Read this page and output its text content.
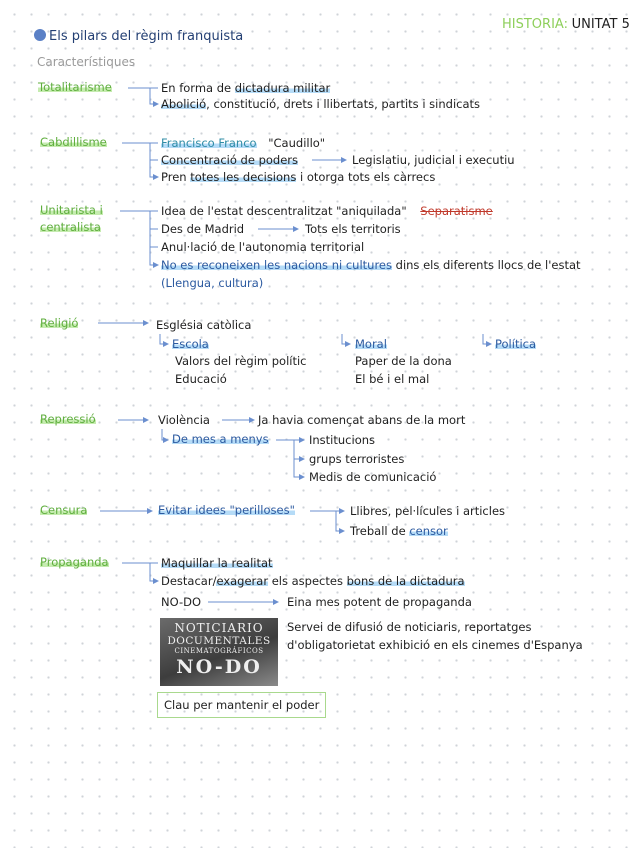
Els pilars del règim franquista
HISTORIA: UNITAT 5
Característiques
Totalitarisme	En forma de dictadura militar
Abolició, constitució, drets i llibertats, partits i sindicats
Cabdillisme	Francisco Franco "Caudillo"
Concentració de poders	Legislatiu, judicial i executiu
Pren totes les decisions i otorga tots els càrrecs
Unitarista i
centralista
Idea de l'estat descentralitzat "aniquilada" Separatisme
Des de Madrid	Tots els territoris
Anul·lació de l'autonomia territorial
No es reconeixen les nacions ni cultures dins els diferents llocs de l'estat
(Llengua, cultura)
Religió	Església catòlica
Escola
Valors del règim polític
Educació
Moral
Paper de la dona
El bé i el mal
Política
Repressió	Violència	Ja havia començat abans de la mort
De mes a menys	Institucions
grups terroristes
Medis de comunicació
Censura	Evitar idees "perilloses"	Llibres, pel·lícules i articles
Treball de censor
Propaganda	Maquillar la realitat
Destacar/exagerar els aspectes bons de la dictadura
NO-DO	Eina mes potent de propaganda
Servei de difusió de noticiaris, reportatges
d'obligatorietat exhibició en els cinemes d'Espanya
NOTICIARIO
DOCUMENTALES
CINEMATOGRÁFICOS
NO-DO
Clau per mantenir el poder
